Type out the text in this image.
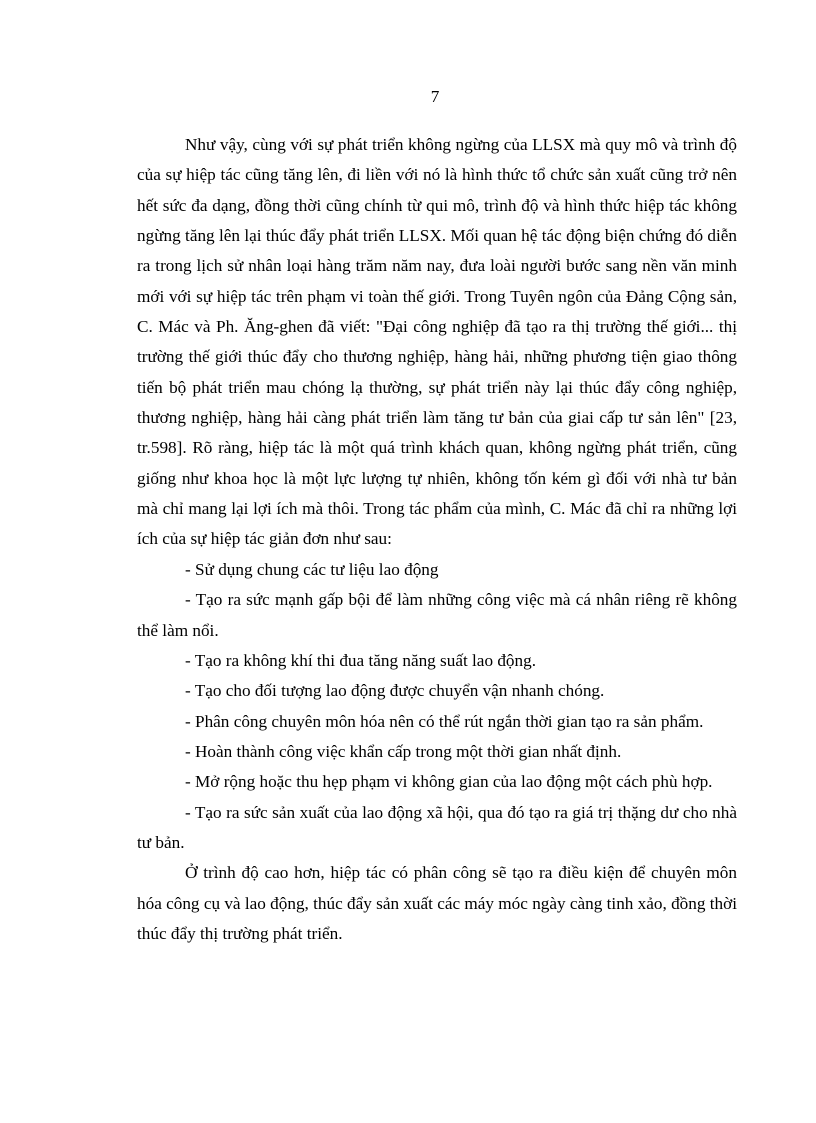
7

Như vậy, cùng với sự phát triển không ngừng của LLSX mà quy mô và trình độ của sự hiệp tác cũng tăng lên, đi liền với nó là hình thức tổ chức sản xuất cũng trở nên hết sức đa dạng, đồng thời cũng chính từ qui mô, trình độ và hình thức hiệp tác không ngừng tăng lên lại thúc đẩy phát triển LLSX. Mối quan hệ tác động biện chứng đó diễn ra trong lịch sử nhân loại hàng trăm năm nay, đưa loài người bước sang nền văn minh mới với sự hiệp tác trên phạm vi toàn thế giới. Trong Tuyên ngôn của Đảng Cộng sản, C. Mác và Ph. Ăng-ghen đã viết: "Đại công nghiệp đã tạo ra thị trường thế giới... thị trường thế giới thúc đẩy cho thương nghiệp, hàng hải, những phương tiện giao thông tiến bộ phát triển mau chóng lạ thường, sự phát triển này lại thúc đẩy công nghiệp, thương nghiệp, hàng hải càng phát triển làm tăng tư bản của giai cấp tư sản lên" [23, tr.598]. Rõ ràng, hiệp tác là một quá trình khách quan, không ngừng phát triển, cũng giống như khoa học là một lực lượng tự nhiên, không tốn kém gì đối với nhà tư bản mà chỉ mang lại lợi ích mà thôi. Trong tác phẩm của mình, C. Mác đã chỉ ra những lợi ích của sự hiệp tác giản đơn như sau:

- Sử dụng chung các tư liệu lao động

- Tạo ra sức mạnh gấp bội để làm những công việc mà cá nhân riêng rẽ không thể làm nổi.

- Tạo ra không khí thi đua tăng năng suất lao động.

- Tạo cho đối tượng lao động được chuyển vận nhanh chóng.

- Phân công chuyên môn hóa nên có thể rút ngắn thời gian tạo ra sản phẩm.

- Hoàn thành công việc khẩn cấp trong một thời gian nhất định.

- Mở rộng hoặc thu hẹp phạm vi không gian của lao động một cách phù hợp.

- Tạo ra sức sản xuất của lao động xã hội, qua đó tạo ra giá trị thặng dư cho nhà tư bản.

Ở trình độ cao hơn, hiệp tác có phân công sẽ tạo ra điều kiện để chuyên môn hóa công cụ và lao động, thúc đẩy sản xuất các máy móc ngày càng tinh xảo, đồng thời thúc đẩy thị trường phát triển.
